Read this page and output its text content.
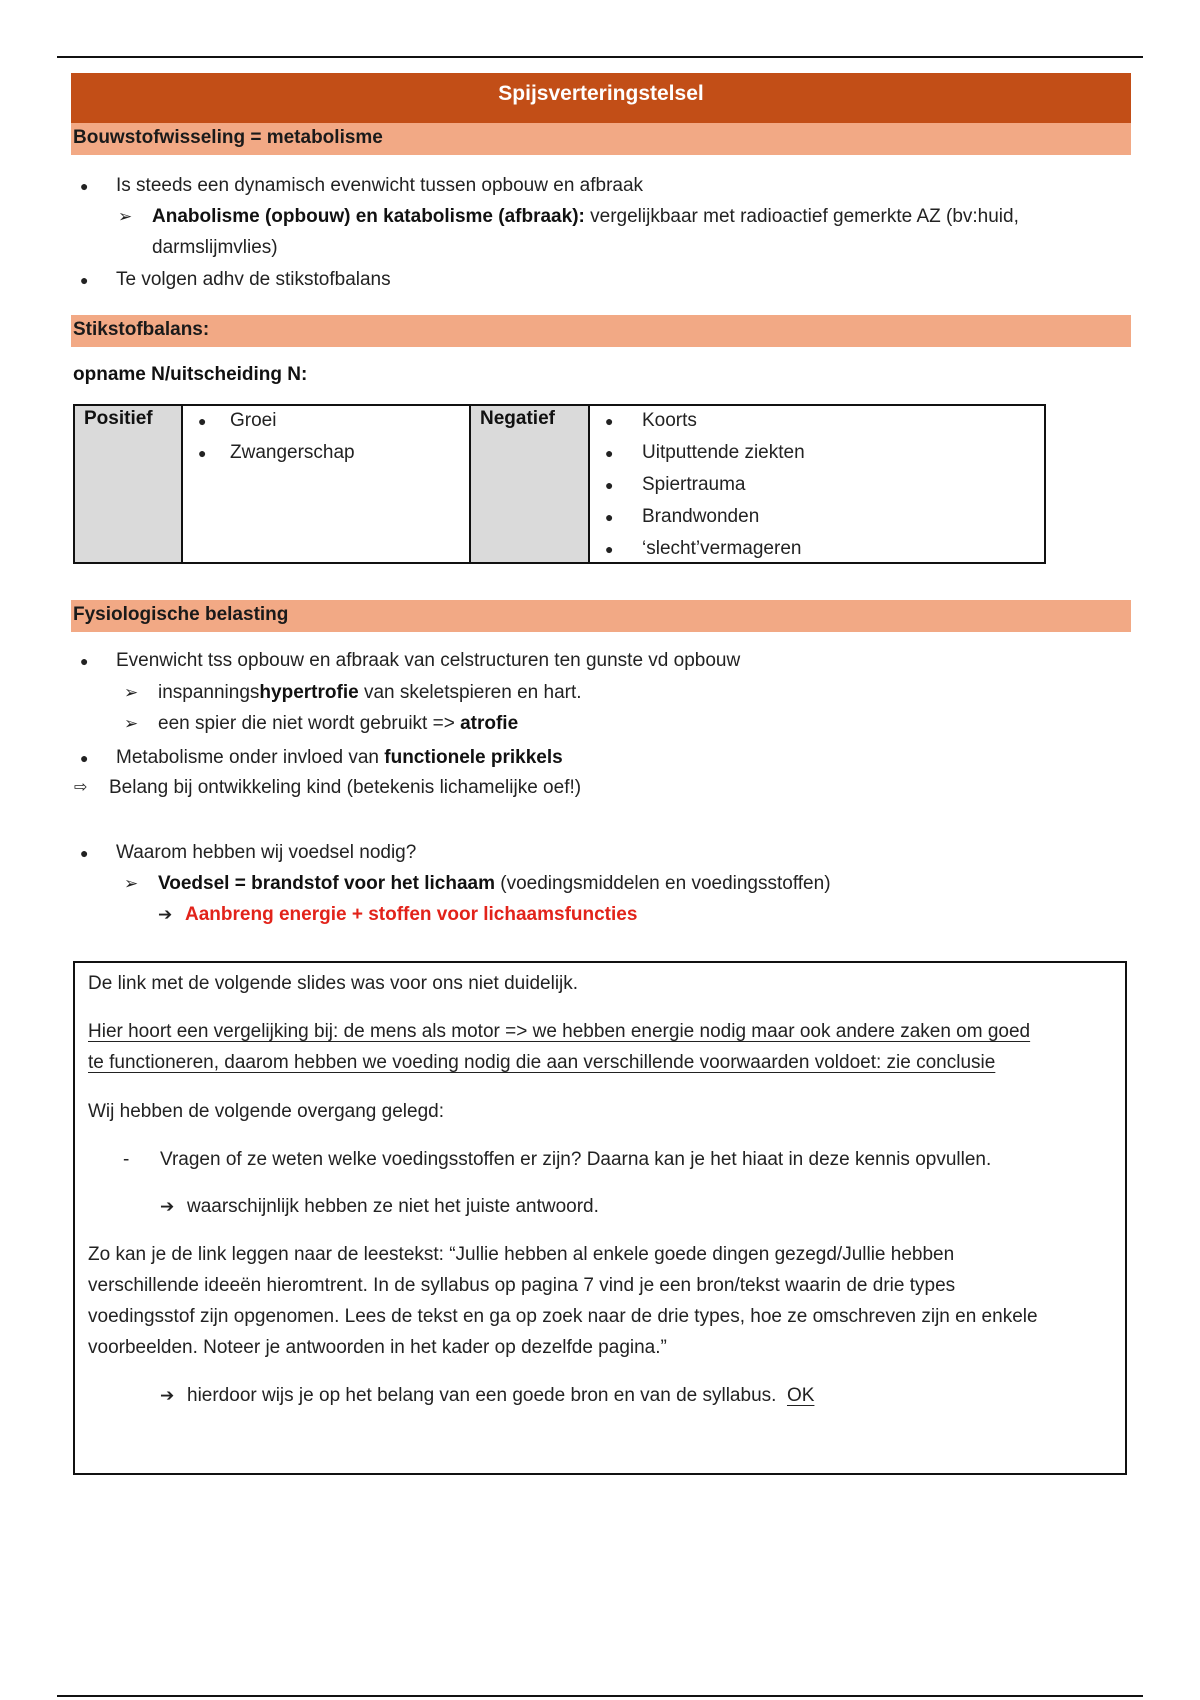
Spijsverteringstelsel
Bouwstofwisseling = metabolisme
● Is steeds een dynamisch evenwicht tussen opbouw en afbraak
➢ Anabolisme (opbouw) en katabolisme (afbraak): vergelijkbaar met radioactief gemerkte AZ (bv:huid,
darmslijmvlies)
● Te volgen adhv de stikstofbalans
Stikstofbalans:
opname N/uitscheiding N:
Positief	● Groei
● Zwangerschap
Negatief	● Koorts
● Uitputtende ziekten
● Spiertrauma
● Brandwonden
● ‘slecht’vermageren
Fysiologische belasting
● Evenwicht tss opbouw en afbraak van celstructuren ten gunste vd opbouw
➢ inspanningshypertrofie van skeletspieren en hart.
➢ een spier die niet wordt gebruikt => atrofie
● Metabolisme onder invloed van functionele prikkels
⇨ Belang bij ontwikkeling kind (betekenis lichamelijke oef!)
● Waarom hebben wij voedsel nodig?
➢ Voedsel = brandstof voor het lichaam (voedingsmiddelen en voedingsstoffen)
➔ Aanbreng energie + stoffen voor lichaamsfuncties
De link met de volgende slides was voor ons niet duidelijk.
Hier hoort een vergelijking bij: de mens als motor => we hebben energie nodig maar ook andere zaken om goed
te functioneren, daarom hebben we voeding nodig die aan verschillende voorwaarden voldoet: zie conclusie
Wij hebben de volgende overgang gelegd:
- Vragen of ze weten welke voedingsstoffen er zijn? Daarna kan je het hiaat in deze kennis opvullen.
➔ waarschijnlijk hebben ze niet het juiste antwoord.
Zo kan je de link leggen naar de leestekst: “Jullie hebben al enkele goede dingen gezegd/Jullie hebben
verschillende ideeën hieromtrent. In de syllabus op pagina 7 vind je een bron/tekst waarin de drie types
voedingsstof zijn opgenomen. Lees de tekst en ga op zoek naar de drie types, hoe ze omschreven zijn en enkele
voorbeelden. Noteer je antwoorden in het kader op dezelfde pagina.”
➔ hierdoor wijs je op het belang van een goede bron en van de syllabus. OK
